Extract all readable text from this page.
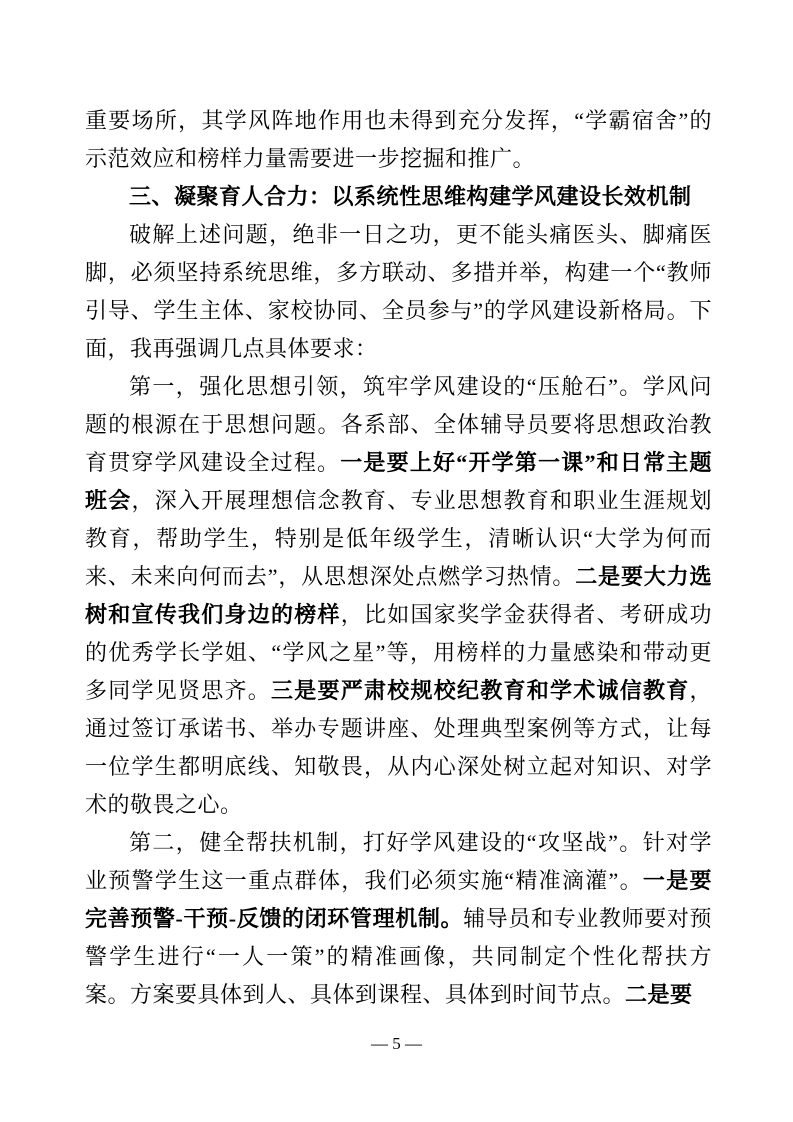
重要场所，其学风阵地作用也未得到充分发挥，“学霸宿舍”的示范效应和榜样力量需要进一步挖掘和推广。

三、凝聚育人合力：以系统性思维构建学风建设长效机制

破解上述问题，绝非一日之功，更不能头痛医头、脚痛医脚，必须坚持系统思维，多方联动、多措并举，构建一个“教师引导、学生主体、家校协同、全员参与”的学风建设新格局。下面，我再强调几点具体要求：

第一，强化思想引领，筑牢学风建设的“压舱石”。学风问题的根源在于思想问题。各系部、全体辅导员要将思想政治教育贯穿学风建设全过程。一是要上好“开学第一课”和日常主题班会，深入开展理想信念教育、专业思想教育和职业生涯规划教育，帮助学生，特别是低年级学生，清晰认识“大学为何而来、未来向何而去”，从思想深处点燃学习热情。二是要大力选树和宣传我们身边的榜样，比如国家奖学金获得者、考研成功的优秀学长学姐、“学风之星”等，用榜样的力量感染和带动更多同学见贤思齐。三是要严肃校规校纪教育和学术诚信教育，通过签订承诺书、举办专题讲座、处理典型案例等方式，让每一位学生都明底线、知敬畏，从内心深处树立起对知识、对学术的敬畏之心。

第二，健全帮扶机制，打好学风建设的“攻坚战”。针对学业预警学生这一重点群体，我们必须实施“精准滴灌”。一是要完善预警-干预-反馈的闭环管理机制。辅导员和专业教师要对预警学生进行“一人一策”的精准画像，共同制定个性化帮扶方案。方案要具体到人、具体到课程、具体到时间节点。二是要

— 5 —
